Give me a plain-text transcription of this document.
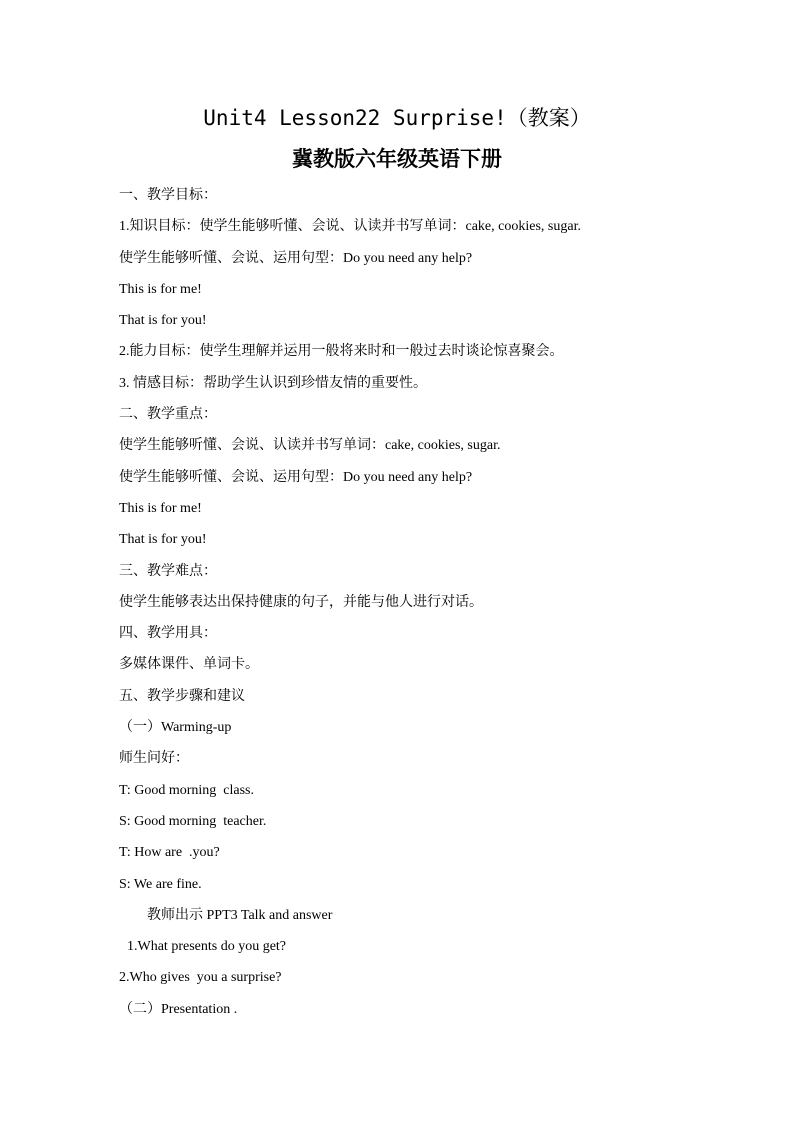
Unit4 Lesson22 Surprise!（教案）
冀教版六年级英语下册
一、教学目标：
1.知识目标：使学生能够听懂、会说、认读并书写单词：cake, cookies, sugar.
使学生能够听懂、会说、运用句型：Do you need any help?
This is for me!
That is for you!
2.能力目标：使学生理解并运用一般将来时和一般过去时谈论惊喜聚会。
3. 情感目标：帮助学生认识到珍惜友情的重要性。
二、教学重点：
使学生能够听懂、会说、认读并书写单词：cake, cookies, sugar.
使学生能够听懂、会说、运用句型：Do you need any help?
This is for me!
That is for you!
三、教学难点：
使学生能够表达出保持健康的句子，并能与他人进行对话。
四、教学用具：
多媒体课件、单词卡。
五、教学步骤和建议
（一）Warming-up
师生问好：
T: Good morning  class.
S: Good morning  teacher.
T: How are  .you?
S: We are fine.
教师出示 PPT3 Talk and answer
1.What presents do you get?
2.Who gives  you a surprise?
（二）Presentation .
